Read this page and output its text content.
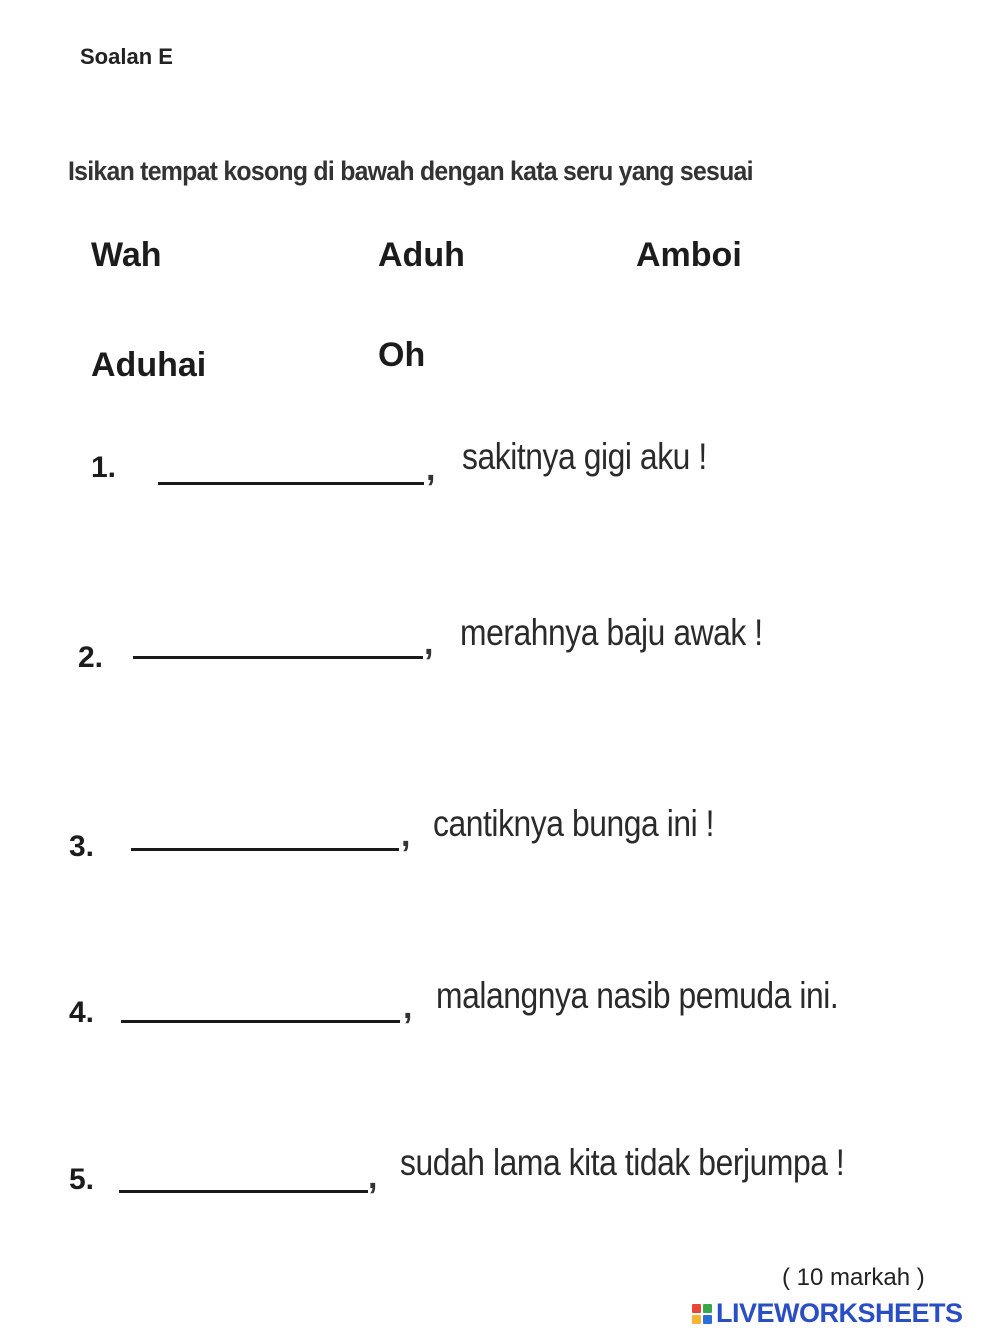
Soalan E
Isikan tempat kosong di bawah dengan kata seru yang sesuai
Wah	Aduh	Amboi
Aduhai	Oh
1.	, sakitnya gigi aku !
2.	, merahnya baju awak !
3.	, cantiknya bunga ini !
4.	, malangnya nasib pemuda ini.
5.	, sudah lama kita tidak berjumpa !
( 10 markah )
LIVEWORKSHEETS
